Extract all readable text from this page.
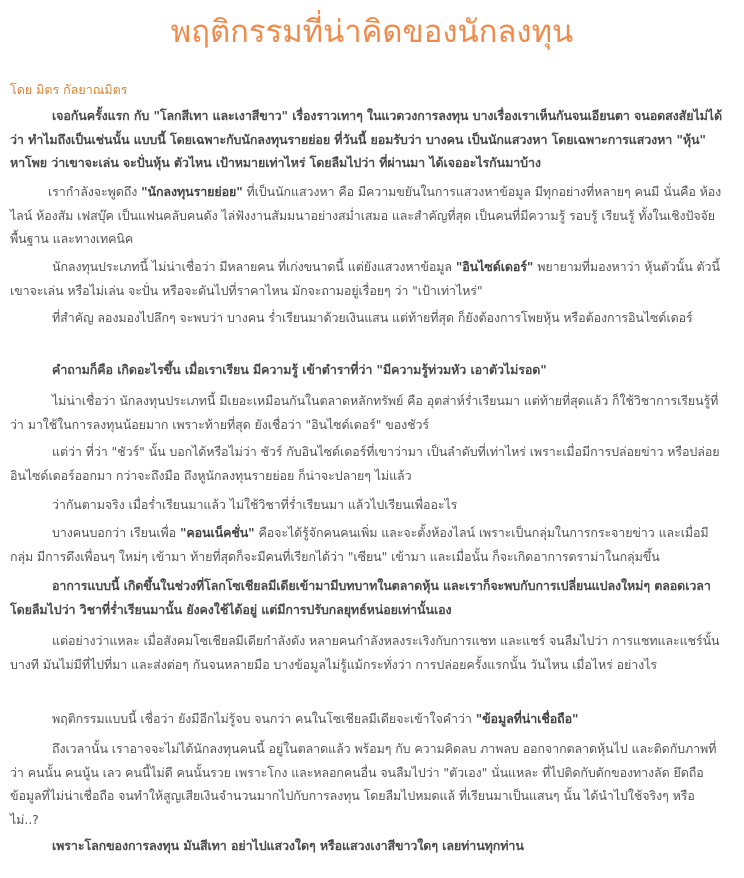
พฤติกรรมที่น่าคิดของนักลงทุน
โดย มิตร กัลยาณมิตร

เจอกันครั้งแรก กับ "โลกสีเทา และเงาสีขาว" เรื่องราวเทาๆ ในแวดวงการลงทุน บางเรื่องเราเห็นกันจนเอียนตา จนอดสงสัยไม่ได้ว่า ทำไมถึงเป็นเช่นนั้น แบบนี้ โดยเฉพาะกับนักลงทุนรายย่อย ที่วันนี้ ยอมรับว่า บางคน เป็นนักแสวงหา โดยเฉพาะการแสวงหา "หุ้น" หาโพย ว่าเขาจะเล่น จะปั่นหุ้น ตัวไหน เป้าหมายเท่าไหร่ โดยลืมไปว่า ที่ผ่านมา ได้เจออะไรกันมาบ้าง

เรากำลังจะพูดถึง "นักลงทุนรายย่อย" ที่เป็นนักแสวงหา คือ มีความขยันในการแสวงหาข้อมูล มีทุกอย่างที่หลายๆ คนมี นั่นคือ ห้องไลน์ ห้องสัม เฟสบุ๊ค เป็นแฟนคลับคนดัง ไล่ฟังงานสัมมนาอย่างสม่ำเสมอ และสำคัญที่สุด เป็นคนที่มีความรู้ รอบรู้ เรียนรู้ ทั้งในเชิงปัจจัยพื้นฐาน และทางเทคนิค

นักลงทุนประเภทนี้ ไม่น่าเชื่อว่า มีหลายคน ที่เก่งขนาดนี้ แต่ยังแสวงหาข้อมูล "อินไซด์เดอร์" พยายามที่มองหาว่า หุ้นตัวนั้น ตัวนี้ เขาจะเล่น หรือไม่เล่น จะปั่น หรือจะดันไปที่ราคาไหน มักจะถามอยู่เรื่อยๆ ว่า "เป้าเท่าไหร่"

ที่สำคัญ ลองมองไปลึกๆ จะพบว่า บางคน ร่ำเรียนมาด้วยเงินแสน แต่ท้ายที่สุด ก็ยังต้องการโพยหุ้น หรือต้องการอินไซด์เดอร์

คำถามก็คือ เกิดอะไรขึ้น เมื่อเราเรียน มีความรู้ เข้าตำราที่ว่า "มีความรู้ท่วมหัว เอาตัวไม่รอด"

ไม่น่าเชื่อว่า นักลงทุนประเภทนี้ มีเยอะเหมือนกันในตลาดหลักทรัพย์ คือ อุตส่าห์ร่ำเรียนมา แต่ท้ายที่สุดแล้ว ก็ใช้วิชาการเรียนรู้ที่ว่า มาใช้ในการลงทุนน้อยมาก เพราะท้ายที่สุด ยังเชื่อว่า "อินไซด์เดอร์" ของชัวร์

แต่ว่า ที่ว่า "ชัวร์" นั้น บอกได้หรือไม่ว่า ชัวร์ กับอินไซด์เดอร์ที่เขาว่ามา เป็นลำดับที่เท่าไหร่ เพราะเมื่อมีการปล่อยข่าว หรือปล่อยอินไซด์เดอร์ออกมา กว่าจะถึงมือ ถึงหูนักลงทุนรายย่อย ก็น่าจะปลายๆ ไม่แล้ว

ว่ากันตามจริง เมื่อร่ำเรียนมาแล้ว ไม่ใช้วิชาที่ร่ำเรียนมา แล้วไปเรียนเพื่ออะไร

บางคนบอกว่า เรียนเพื่อ "คอนเน็คชั่น" คือจะได้รู้จักคนคนเพิ่ม และจะตั้งห้องไลน์ เพราะเป็นกลุ่มในการกระจายข่าว และเมื่อมีกลุ่ม มีการดึงเพื่อนๆ ใหม่ๆ เข้ามา ท้ายที่สุดก็จะมีคนที่เรียกได้ว่า "เซียน" เข้ามา และเมื่อนั้น ก็จะเกิดอาการดราม่าในกลุ่มขึ้น

อาการแบบนี้ เกิดขึ้นในช่วงที่โลกโซเชียลมีเดียเข้ามามีบทบาทในตลาดหุ้น และเราก็จะพบกับการเปลี่ยนแปลงใหม่ๆ ตลอดเวลา โดยลืมไปว่า วิชาที่ร่ำเรียนมานั้น ยังคงใช้ได้อยู่ แต่มีการปรับกลยุทธ์หน่อยเท่านั้นเอง

แต่อย่างว่าแหละ เมื่อสังคมโซเชียลมีเดียกำลังดัง หลายคนกำลังหลงระเริงกับการแชท และแชร์ จนลืมไปว่า การแชทและแชร์นั้น บางที มันไม่มีที่ไปที่มา และส่งต่อๆ กันจนหลายมือ บางข้อมูลไม่รู้แม้กระทั่งว่า การปล่อยครั้งแรกนั้น วันไหน เมื่อไหร่ อย่างไร

พฤติกรรมแบบนี้ เชื่อว่า ยังมีอีกไม่รู้จบ จนกว่า คนในโซเชียลมีเดียจะเข้าใจคำว่า "ข้อมูลที่น่าเชื่อถือ"

ถึงเวลานั้น เราอาจจะไม่ได้นักลงทุนคนนี้ อยู่ในตลาดแล้ว พร้อมๆ กับ ความคิดลบ ภาพลบ ออกจากตลาดหุ้นไป และติดกับภาพที่ว่า คนนั้น คนนู้น เลว คนนี้ไม่ดี คนนั้นรวย เพราะโกง และหลอกคนอื่น จนลืมไปว่า "ตัวเอง" นั่นแหละ ที่ไปติดกับดักของทางลัด ยึดถือข้อมูลที่ไม่น่าเชื่อถือ จนทำให้สูญเสียเงินจำนวนมากไปกับการลงทุน โดยลืมไปหมดแล้ ที่เรียนมาเป็นแสนๆ นั้น ได้นำไปใช้จริงๆ หรือไม่..?

เพราะโลกของการลงทุน มันสีเทา อย่าไปแสวงใดๆ หรือแสวงเงาสีขาวใดๆ เลยท่านทุกท่าน
